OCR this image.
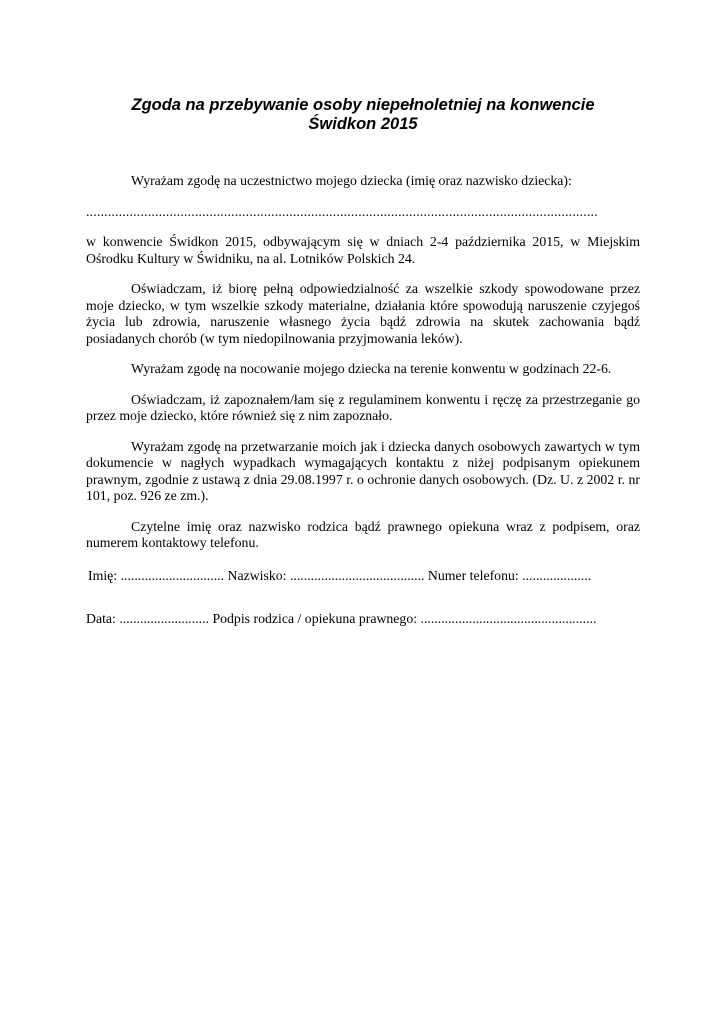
Zgoda na przebywanie osoby niepełnoletniej na konwencie
Świdkon 2015

Wyrażam zgodę na uczestnictwo mojego dziecka (imię oraz nazwisko dziecka):

.............................................................................................................................................

w konwencie Świdkon 2015, odbywającym się w dniach 2-4 października 2015, w Miejskim Ośrodku Kultury w Świdniku, na al. Lotników Polskich 24.

Oświadczam, iż biorę pełną odpowiedzialność za wszelkie szkody spowodowane przez moje dziecko, w tym wszelkie szkody materialne, działania które spowodują naruszenie czyjegoś życia lub zdrowia, naruszenie własnego życia bądź zdrowia na skutek zachowania bądź posiadanych chorób (w tym niedopilnowania przyjmowania leków).

Wyrażam zgodę na nocowanie mojego dziecka na terenie konwentu w godzinach 22-6.

Oświadczam, iż zapoznałem/łam się z regulaminem konwentu i ręczę za przestrzeganie go przez moje dziecko, które również się z nim zapoznało.

Wyrażam zgodę na przetwarzanie moich jak i dziecka danych osobowych zawartych w tym dokumencie w nagłych wypadkach wymagających kontaktu z niżej podpisanym opiekunem prawnym, zgodnie z ustawą z dnia 29.08.1997 r. o ochronie danych osobowych. (Dz. U. z 2002 r. nr 101, poz. 926 ze zm.).

Czytelne imię oraz nazwisko rodzica bądź prawnego opiekuna wraz z podpisem, oraz numerem kontaktowy telefonu.

Imię: .............................. Nazwisko: ....................................... Numer telefonu: ....................

Data: .......................... Podpis rodzica / opiekuna prawnego: ...................................................
